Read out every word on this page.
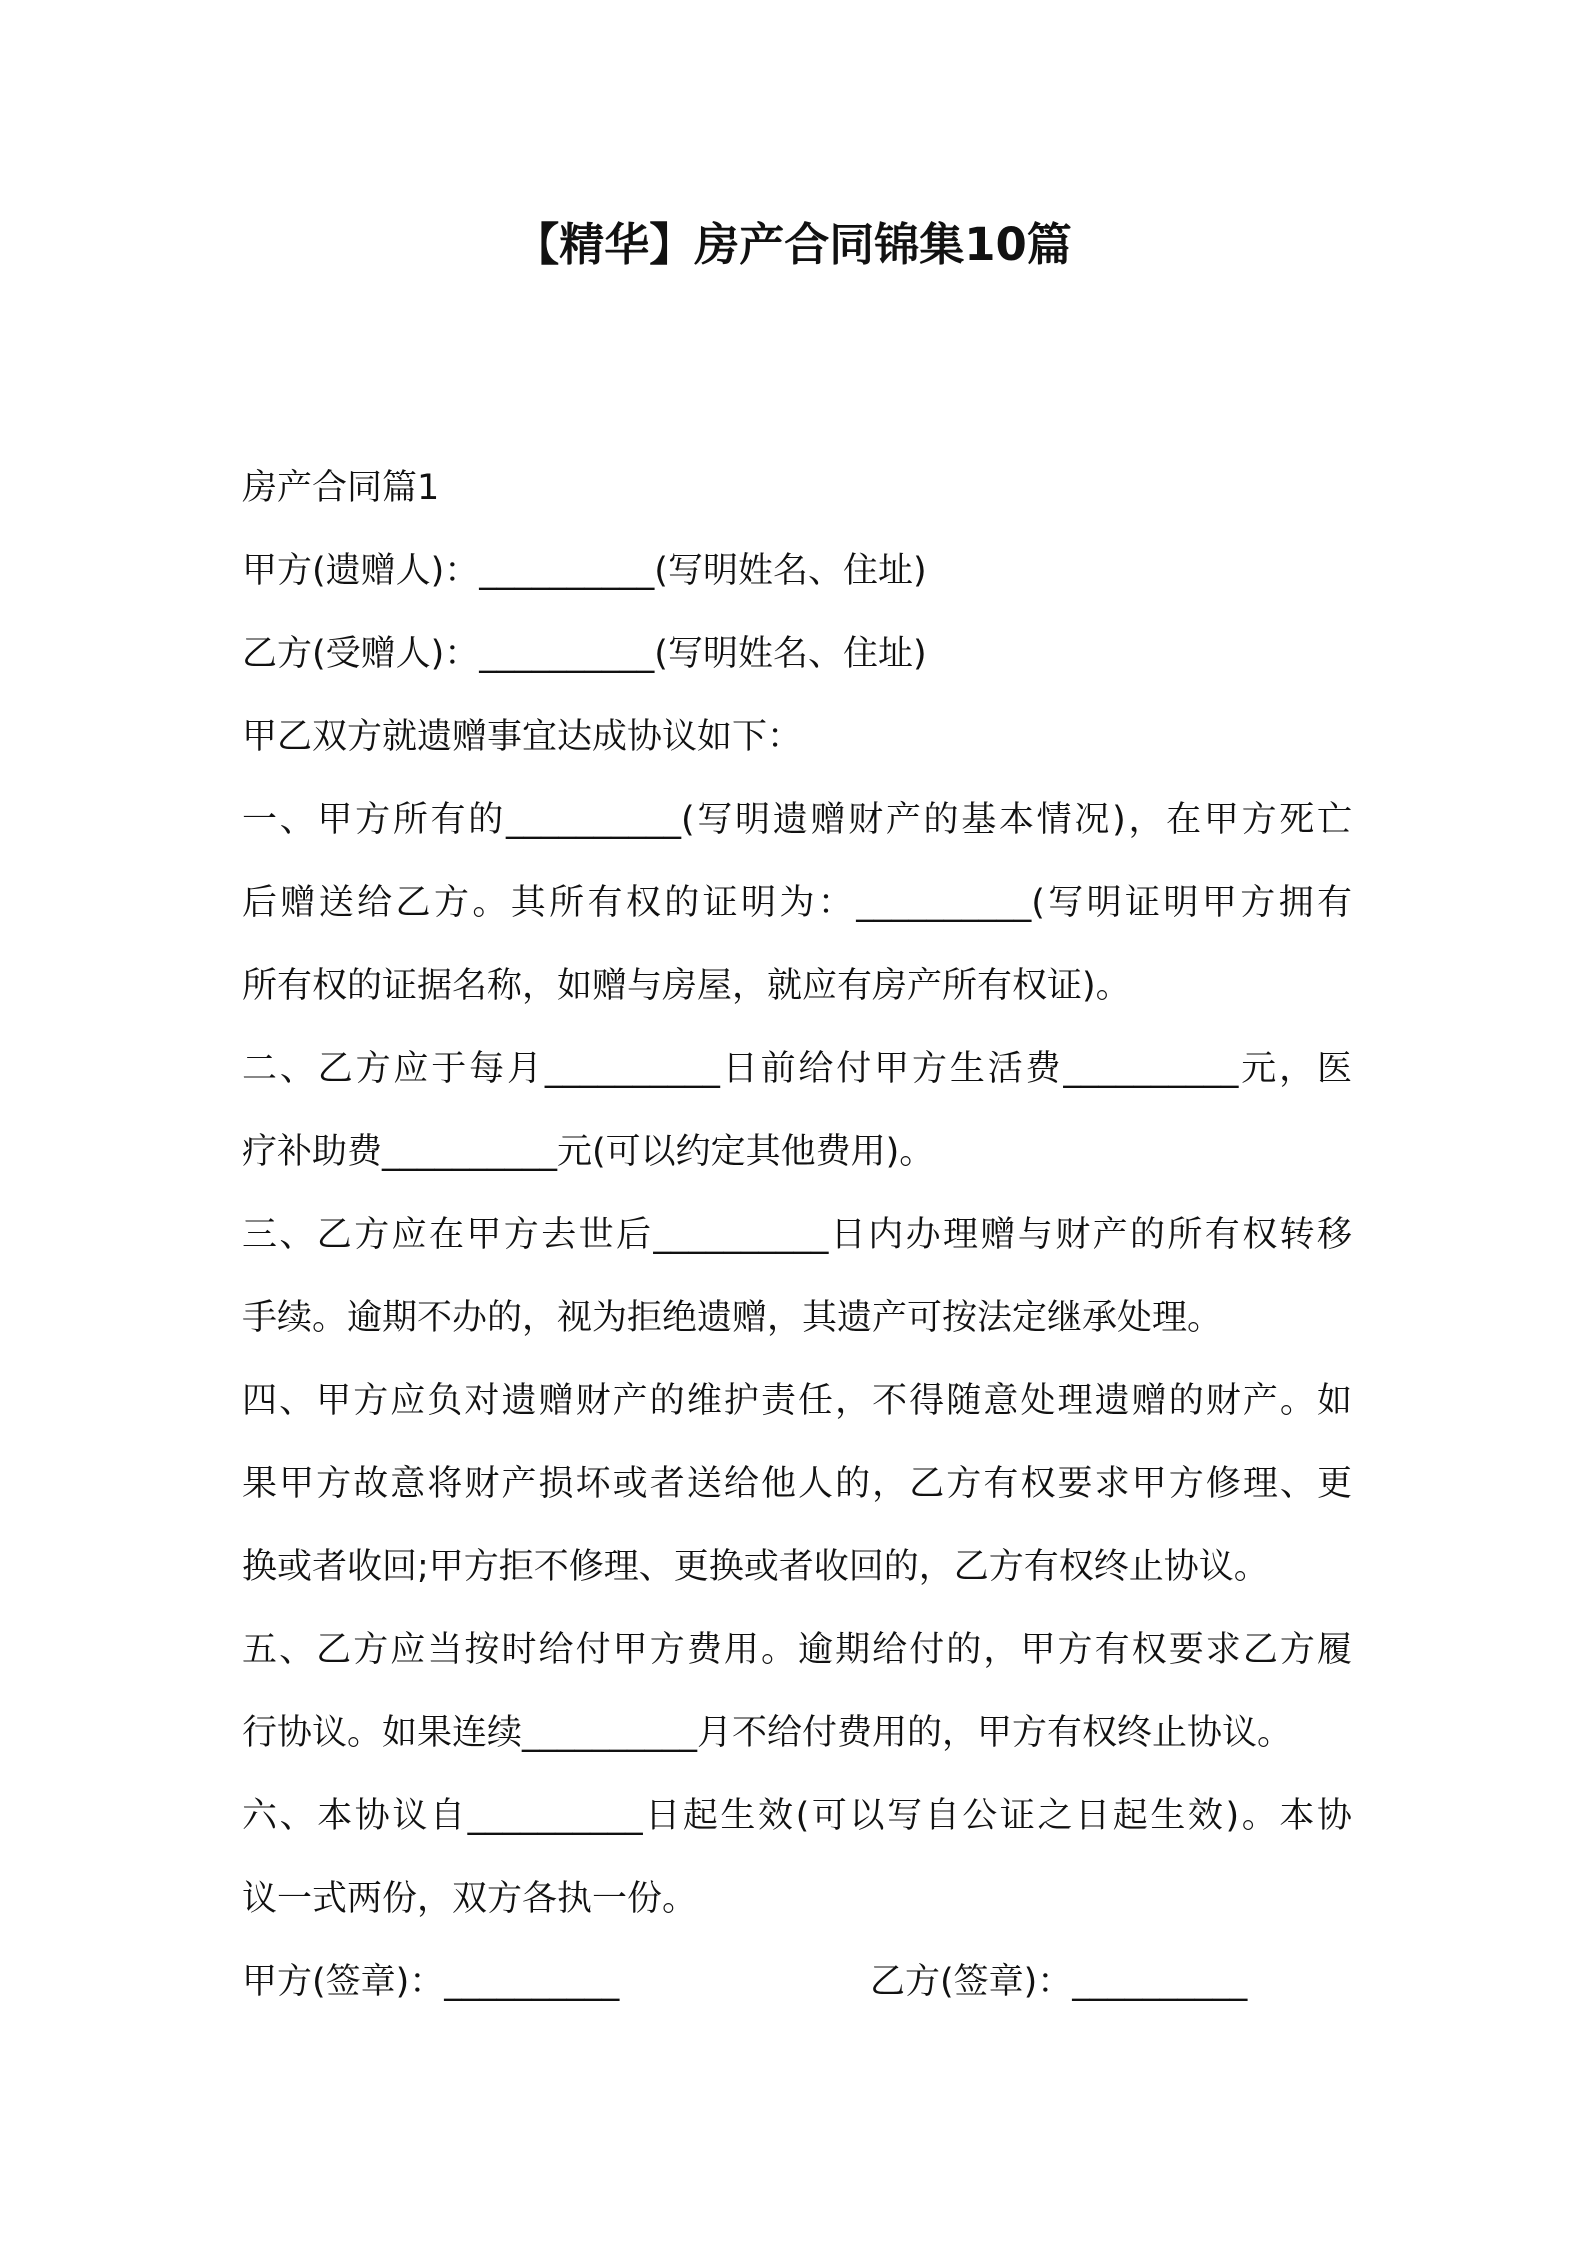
【精华】房产合同锦集10篇
房产合同篇1
甲方(遗赠人)：__________(写明姓名、住址)
乙方(受赠人)：__________(写明姓名、住址)
甲乙双方就遗赠事宜达成协议如下：
一、甲方所有的__________(写明遗赠财产的基本情况)，在甲方死亡
后赠送给乙方。其所有权的证明为：__________(写明证明甲方拥有
所有权的证据名称，如赠与房屋，就应有房产所有权证)。
二、乙方应于每月__________日前给付甲方生活费__________元，医
疗补助费__________元(可以约定其他费用)。
三、乙方应在甲方去世后__________日内办理赠与财产的所有权转移
手续。逾期不办的，视为拒绝遗赠，其遗产可按法定继承处理。
四、甲方应负对遗赠财产的维护责任，不得随意处理遗赠的财产。如
果甲方故意将财产损坏或者送给他人的，乙方有权要求甲方修理、更
换或者收回;甲方拒不修理、更换或者收回的，乙方有权终止协议。
五、乙方应当按时给付甲方费用。逾期给付的，甲方有权要求乙方履
行协议。如果连续__________月不给付费用的，甲方有权终止协议。
六、本协议自__________日起生效(可以写自公证之日起生效)。本协
议一式两份，双方各执一份。
甲方(签章)：__________	乙方(签章)：__________
